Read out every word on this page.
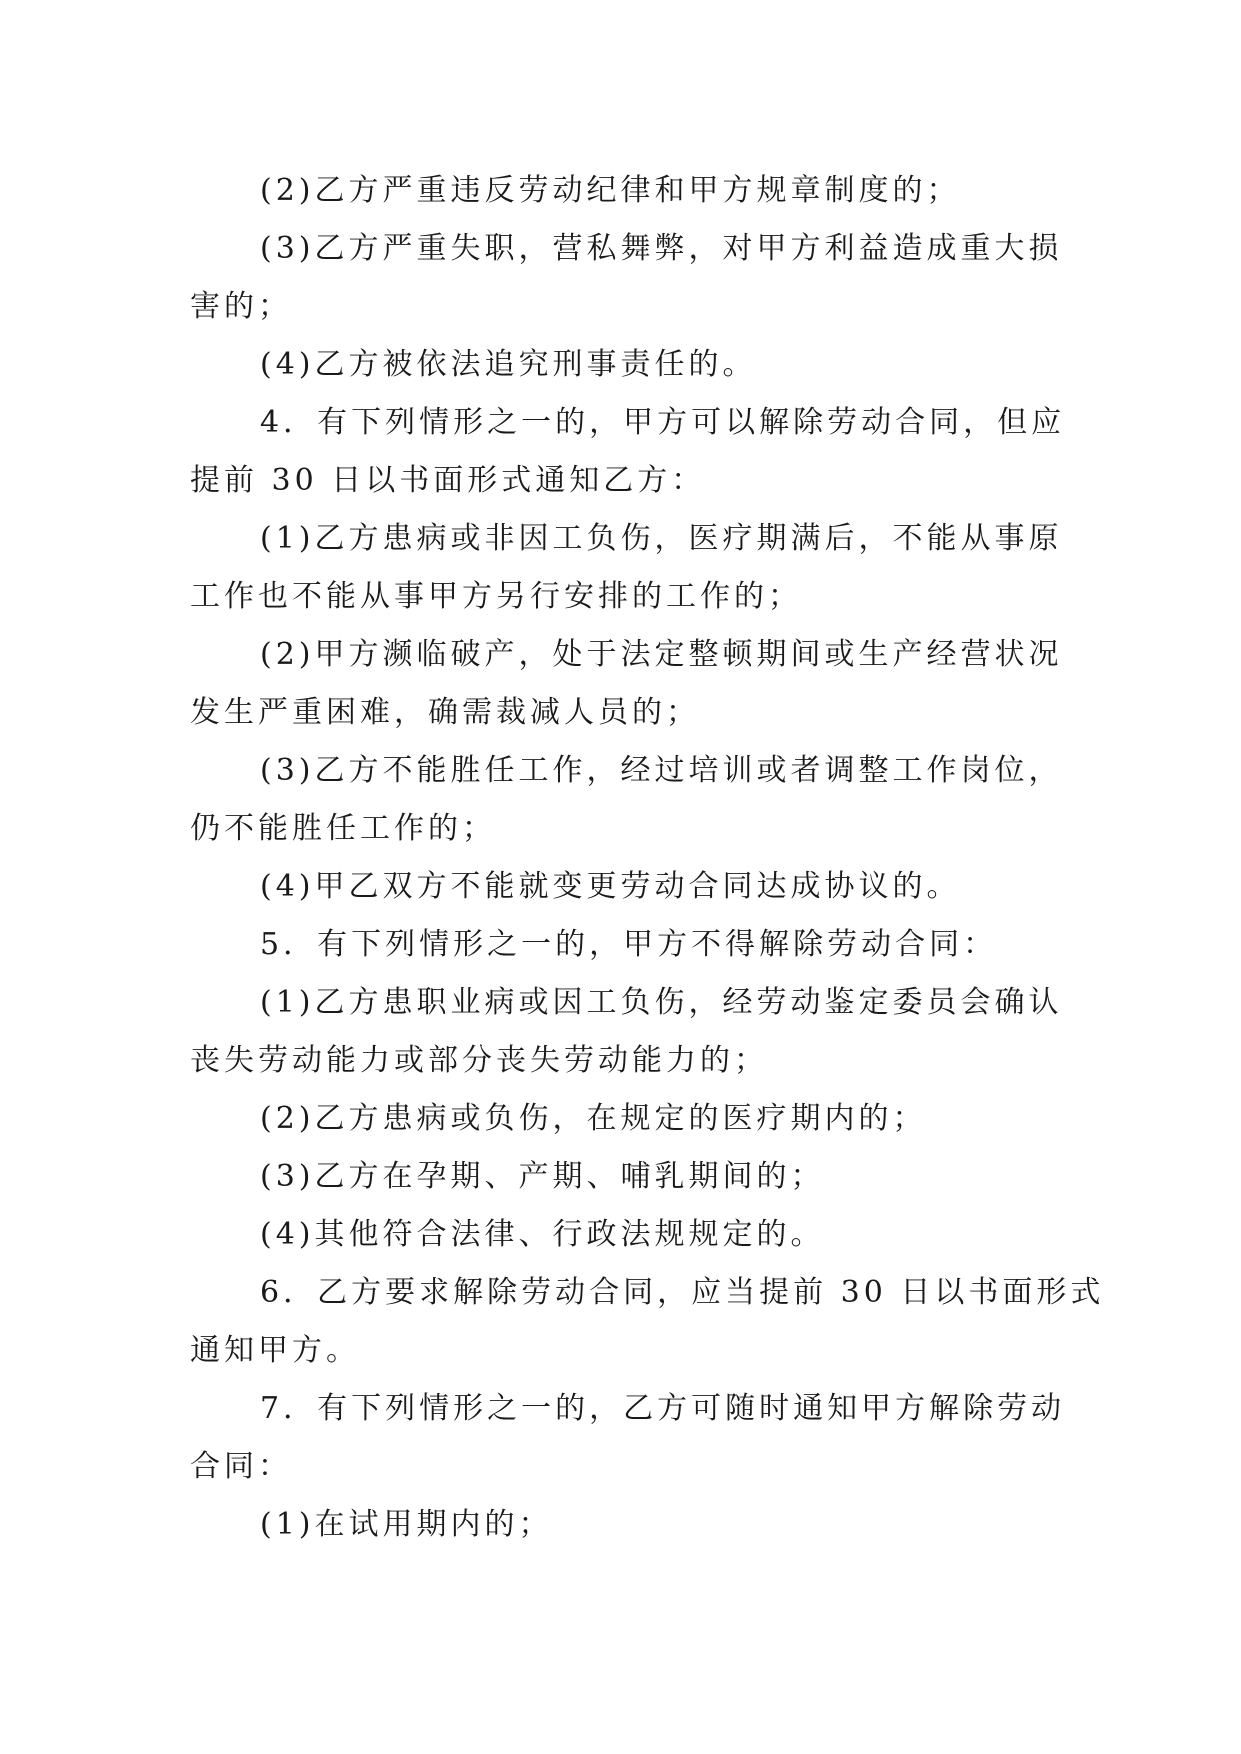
(2)乙方严重违反劳动纪律和甲方规章制度的；
(3)乙方严重失职，营私舞弊，对甲方利益造成重大损
害的；
(4)乙方被依法追究刑事责任的。
4．有下列情形之一的，甲方可以解除劳动合同，但应
提前 30 日以书面形式通知乙方：
(1)乙方患病或非因工负伤，医疗期满后，不能从事原
工作也不能从事甲方另行安排的工作的；
(2)甲方濒临破产，处于法定整顿期间或生产经营状况
发生严重困难，确需裁减人员的；
(3)乙方不能胜任工作，经过培训或者调整工作岗位，
仍不能胜任工作的；
(4)甲乙双方不能就变更劳动合同达成协议的。
5．有下列情形之一的，甲方不得解除劳动合同：
(1)乙方患职业病或因工负伤，经劳动鉴定委员会确认
丧失劳动能力或部分丧失劳动能力的；
(2)乙方患病或负伤，在规定的医疗期内的；
(3)乙方在孕期、产期、哺乳期间的；
(4)其他符合法律、行政法规规定的。
6．乙方要求解除劳动合同，应当提前 30 日以书面形式
通知甲方。
7．有下列情形之一的，乙方可随时通知甲方解除劳动
合同：
(1)在试用期内的；
